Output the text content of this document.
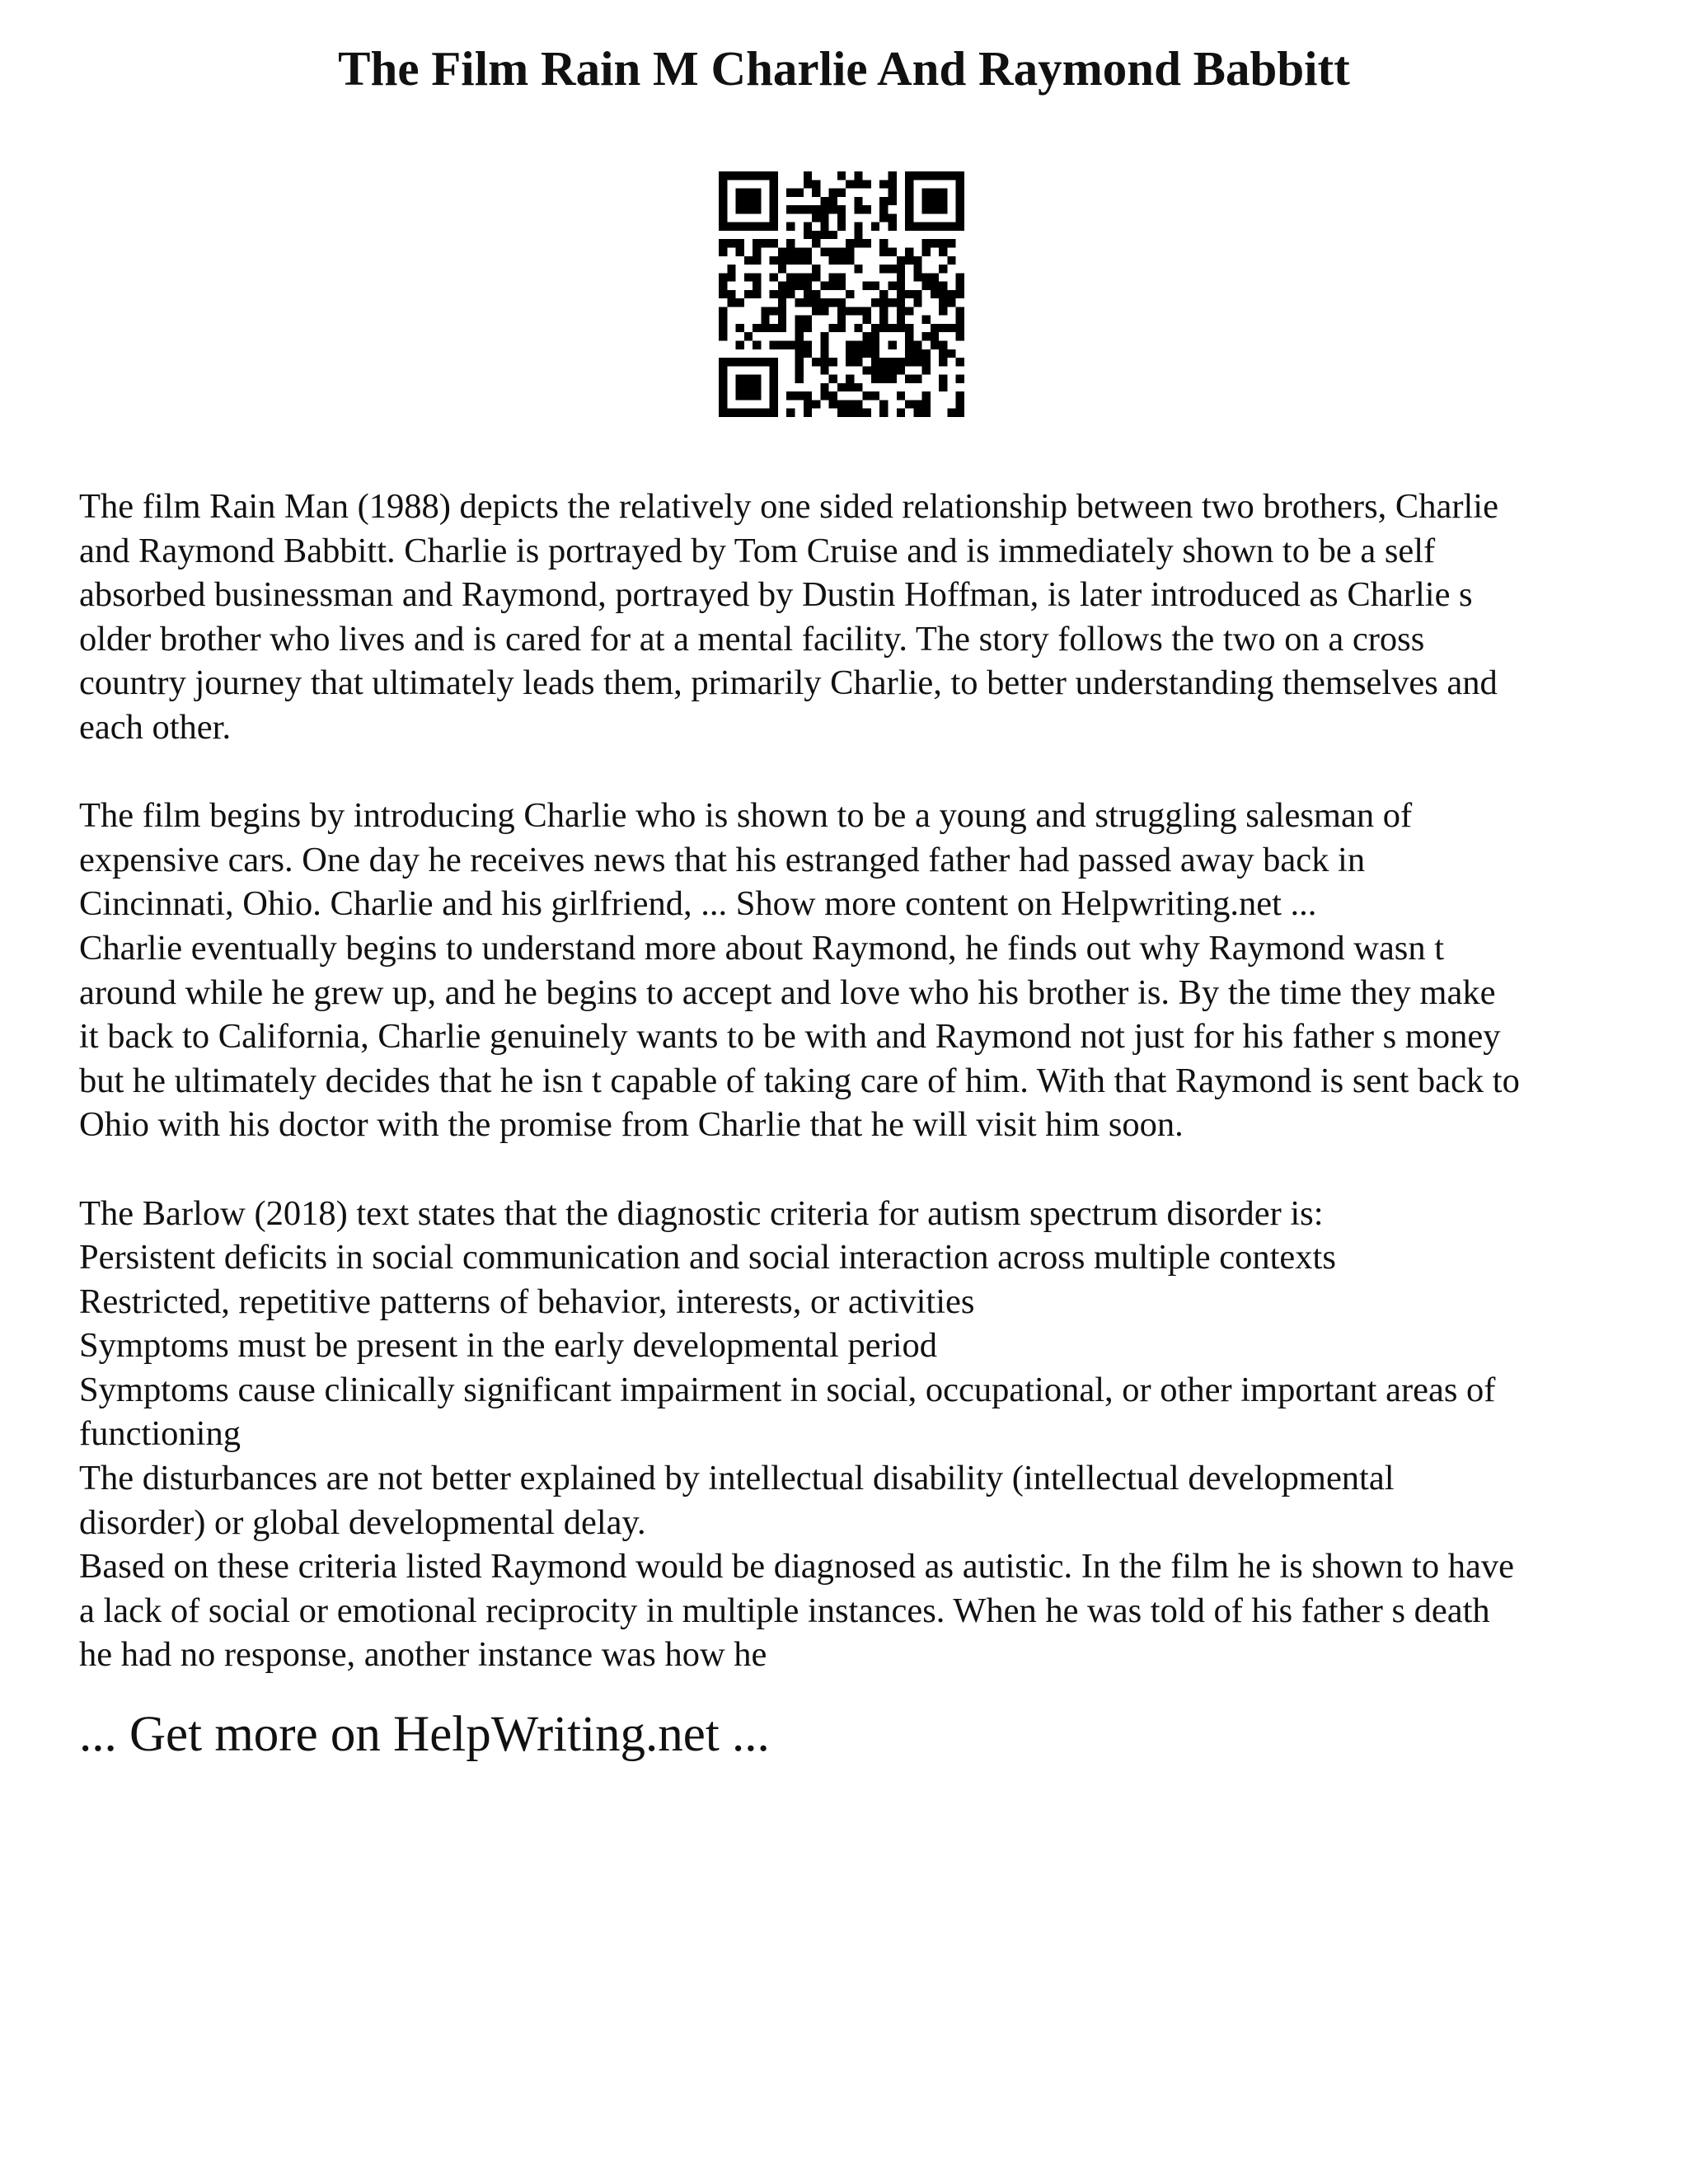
The Film Rain M Charlie And Raymond Babbitt
The film Rain Man (1988) depicts the relatively one sided relationship between two brothers, Charlie
and Raymond Babbitt. Charlie is portrayed by Tom Cruise and is immediately shown to be a self
absorbed businessman and Raymond, portrayed by Dustin Hoffman, is later introduced as Charlie s
older brother who lives and is cared for at a mental facility. The story follows the two on a cross
country journey that ultimately leads them, primarily Charlie, to better understanding themselves and
each other.
The film begins by introducing Charlie who is shown to be a young and struggling salesman of
expensive cars. One day he receives news that his estranged father had passed away back in
Cincinnati, Ohio. Charlie and his girlfriend, ... Show more content on Helpwriting.net ...
Charlie eventually begins to understand more about Raymond, he finds out why Raymond wasn t
around while he grew up, and he begins to accept and love who his brother is. By the time they make
it back to California, Charlie genuinely wants to be with and Raymond not just for his father s money
but he ultimately decides that he isn t capable of taking care of him. With that Raymond is sent back to
Ohio with his doctor with the promise from Charlie that he will visit him soon.
The Barlow (2018) text states that the diagnostic criteria for autism spectrum disorder is:
Persistent deficits in social communication and social interaction across multiple contexts
Restricted, repetitive patterns of behavior, interests, or activities
Symptoms must be present in the early developmental period
Symptoms cause clinically significant impairment in social, occupational, or other important areas of
functioning
The disturbances are not better explained by intellectual disability (intellectual developmental
disorder) or global developmental delay.
Based on these criteria listed Raymond would be diagnosed as autistic. In the film he is shown to have
a lack of social or emotional reciprocity in multiple instances. When he was told of his father s death
he had no response, another instance was how he
... Get more on HelpWriting.net ...
